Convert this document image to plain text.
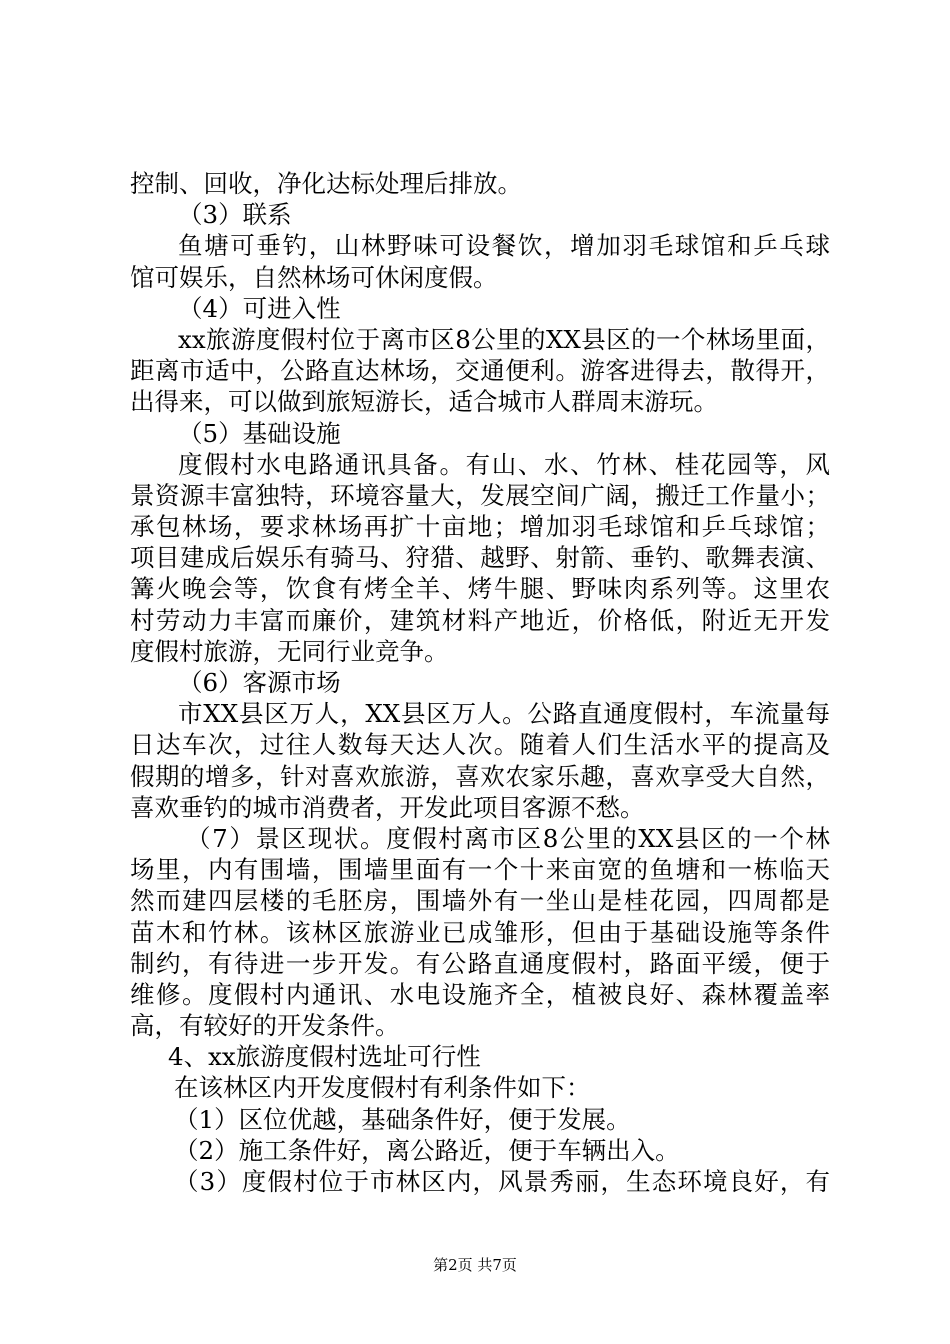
控制、回收，净化达标处理后排放。
（3）联系
鱼塘可垂钓，山林野味可设餐饮，增加羽毛球馆和乒乓球
馆可娱乐，自然林场可休闲度假。
（4）可进入性
xx旅游度假村位于离市区8公里的XX县区的一个林场里面，
距离市适中，公路直达林场，交通便利。游客进得去，散得开，
出得来，可以做到旅短游长，适合城市人群周末游玩。
（5）基础设施
度假村水电路通讯具备。有山、水、竹林、桂花园等，风
景资源丰富独特，环境容量大，发展空间广阔，搬迁工作量小；
承包林场，要求林场再扩十亩地；增加羽毛球馆和乒乓球馆；
项目建成后娱乐有骑马、狩猎、越野、射箭、垂钓、歌舞表演、
篝火晚会等，饮食有烤全羊、烤牛腿、野味肉系列等。这里农
村劳动力丰富而廉价，建筑材料产地近，价格低，附近无开发
度假村旅游，无同行业竞争。
（6）客源市场
市XX县区万人，XX县区万人。公路直通度假村，车流量每
日达车次，过往人数每天达人次。随着人们生活水平的提高及
假期的增多，针对喜欢旅游，喜欢农家乐趣，喜欢享受大自然，
喜欢垂钓的城市消费者，开发此项目客源不愁。
（7）景区现状。度假村离市区8公里的XX县区的一个林
场里，内有围墙，围墙里面有一个十来亩宽的鱼塘和一栋临天
然而建四层楼的毛胚房，围墙外有一坐山是桂花园，四周都是
苗木和竹林。该林区旅游业已成雏形，但由于基础设施等条件
制约，有待进一步开发。有公路直通度假村，路面平缓，便于
维修。度假村内通讯、水电设施齐全，植被良好、森林覆盖率
高，有较好的开发条件。
4、xx旅游度假村选址可行性
在该林区内开发度假村有利条件如下：
（1）区位优越，基础条件好，便于发展。
（2）施工条件好，离公路近，便于车辆出入。
（3）度假村位于市林区内，风景秀丽，生态环境良好，有
第2页 共7页
